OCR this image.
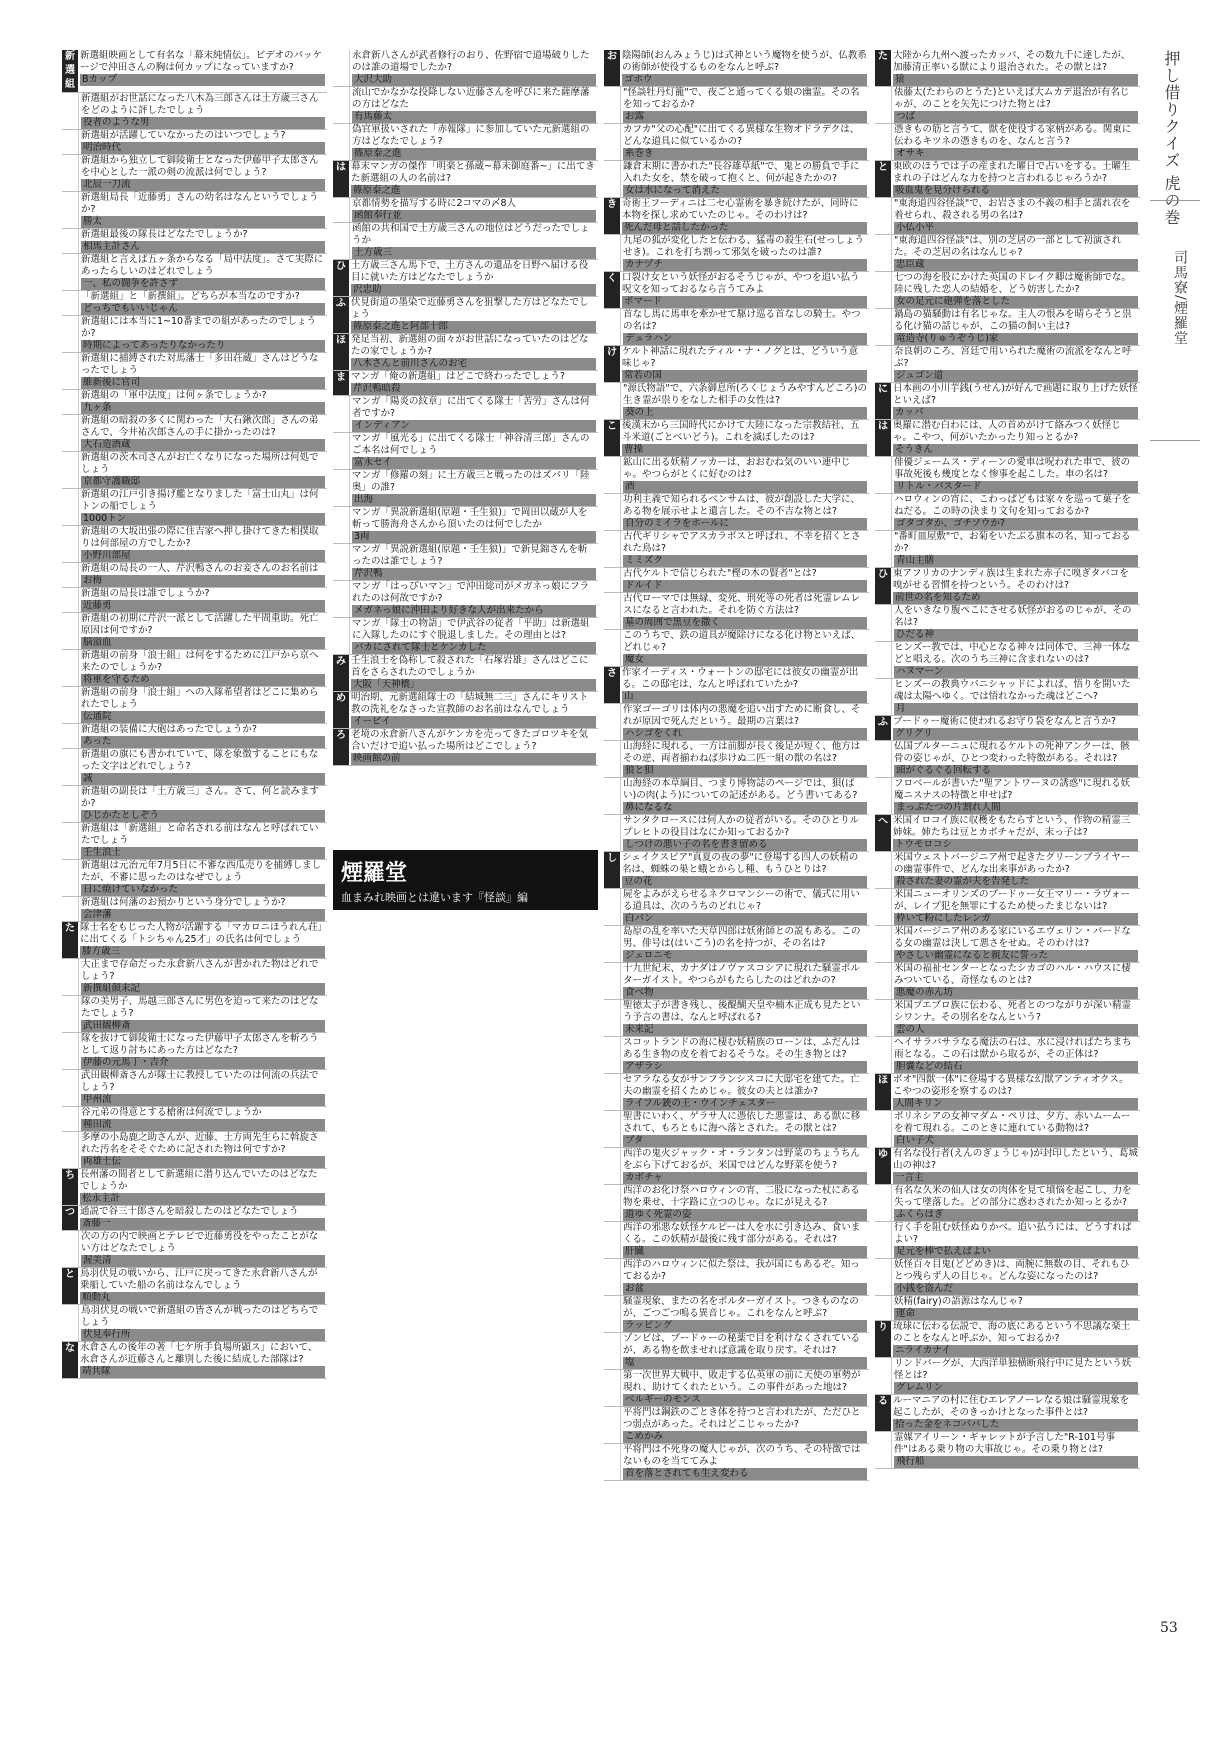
新選組
新選組映画として有名な「幕末純情伝」。ビデオのパッケージで沖田さんの胸は何カップになっていますか?
Bカップ
新選組がお世話になった八木為三郎さんは土方歳三さんをどのように評したでしょう
役者のような男
新選組が活躍していなかったのはいつでしょう?
明治時代
新選組から独立して御陵衛士となった伊藤甲子太郎さんを中心とした一派の剣の流派は何でしょう?
北辰一刀流
新選組局長「近藤勇」さんの幼名はなんというでしょうか?
勝太
新選組最後の隊長はどなたでしょうか?
相馬主計さん
新選組と言えば五ヶ条からなる「局中法度」。さて実際にあったらしいのはどれでしょう
一、私の闘争を許さず
「新選組」と「新撰組」。どちらが本当なのですか?
どっちでもいいじゃん
新選組には本当に1~10番までの組があったのでしょうか?
時期によってあったりなかったり
新選組に捕縛された対馬藩士「多田荘蔵」さんはどうなったでしょう
維新後に官司
新選組の「軍中法度」は何ヶ条でしょうか?
九ヶ条
新選組の暗殺の多くに関わった「大石鍬次郎」さんの弟さんで、今井祐次郎さんの手に掛かったのは?
大石造酒蔵
新選組の茨木司さんがお亡くなりになった場所は何処でしょう
京都守護職邸
新選組の江戸引き揚げ艦となりました「富士山丸」は何トンの船でしょう
1000トン
新選組の大坂出張の際に住吉家へ押し掛けてきた相撲取りは何部屋の方でしたか?
小野川部屋
新選組の局長の一人、芹沢鴨さんのお妾さんのお名前は
お梅
新選組の局長は誰でしょうか?
近藤勇
新選組の初期に芹沢一派として活躍した平間重助。死亡原因は何ですか?
脳溢血
新選組の前身「浪士組」は何をするために江戸から京へ来たのでしょうか?
将軍を守るため
新選組の前身「浪士組」への入隊希望者はどこに集められたでしょう
伝通院
新選組の装備に大砲はあったでしょうか?
あった
新選組の旗にも書かれていて、隊を象徴することにもなった文字はどれでしょう?
誠
新選組の副長は「土方歳三」さん。さて、何と読みますか?
ひじかたとしぞう
新選組は「新選組」と命名される前はなんと呼ばれていたでしょう
壬生浪士
新選組は元治元年7月5日に不審な西瓜売りを捕縛しましたが、不審に思ったのはなぜでしょう
日に焼けていなかった
新選組は何藩のお預かりという身分でしょうか?
会津藩
た 隊士名をもじった人物が活躍する「マカロニほうれん荘」に出てくる「トシちゃん25才」の氏名は何でしょう
膝方歳三
大正まで存命だった永倉新八さんが書かれた物はどれでしょう?
新撰組顛末記
隊の美男子、馬越三郎さんに男色を迫って来たのはどなたでしょう?
武田観柳斎
隊を抜けて御陵衛士になった伊藤甲子太郎さんを斬ろうとして返り討ちにあった方はどなた?
伊藤の元馬丁・吉介
武田観柳斎さんが隊士に教授していたのは何流の兵法でしょう?
甲州流
谷元弟の得意とする槍術は何流でしょうか
種田流
多摩の小島鹿之助さんが、近藤、土方両先生らに斡旋された汚名をそそぐために記された物は何ですか?
両雄士伝
ち 長州藩の間者として新選組に潜り込んでいたのはどなたでしょうか
松永主計
つ 通説で谷三十郎さんを暗殺したのはどなたでしょう
斎藤一
次の方の内で映画とテレビで近藤勇役をやったことがない方はどなたでしょう
渥美清
と 鳥羽伏見の戦いから、江戸に戻ってきた永倉新八さんが乗船していた船の名前はなんでしょう
順動丸
鳥羽伏見の戦いで新選組の皆さんが戦ったのはどちらでしょう
伏見奉行所
な 永倉さんの後年の著「七ケ所手負場所顕ス」において、永倉さんが近藤さんと離別した後に結成した部隊は?
靖共隊
永倉新八さんが武者修行のおり、佐野宿で道場破りしたのは誰の道場でしたか?
大沢大助
流山でかなかな投降しない近藤さんを呼びに来た薩摩藩の方はどなた
有馬藤太
偽官軍扱いされた「赤報隊」に参加していた元新選組の方はどなたでしょう?
篠原泰之進
は 幕末マンガの傑作「明楽と孫蔵~幕末御庭番~」に出てきた新選組の人の名前は?
篠原泰之進
京都情勢を描写する時に2コマの〆8人
函館奉行並
函館の共和国で土方歳三さんの地位はどうだったでしょうか
土方歳三
ひ 土方歳三さん馬下で、土方さんの遺品を日野へ届ける役目に就いた方はどなたでしょうか
沢忠助
ふ 伏見街道の墨染で近藤勇さんを狙撃した方はどなたでしょう
篠原泰之進と阿部十郎
ほ 発足当初、新選組の面々がお世話になっていたのはどなたの家でしょうか?
八木さんと前川さんのお宅
ま マンガ「俺の新選組」はどこで終わったでしょう?
芹沢鴨暗殺
マンガ「陽炎の紋章」に出てくる隊士「苦労」さんは何者ですか?
インディアン
マンガ「風光る」に出てくる隊士「神谷清三郎」さんのご本名は何でしょう
富永セイ
マンガ「修羅の刻」に土方歳三と戦ったのはズバリ「陸奥」の誰?
出海
マンガ「異説新選組(原題・壬生狼)」で岡田以蔵が人を斬って勝海舟さんから頂いたのは何でしたか
3両
マンガ「異説新選組(原題・壬生狼)」で新見錦さんを斬ったのは誰でしょう?
芹沢鴨
マンガ「はっぴいマン」で沖田総司がメガネっ娘にフラれたのは何故ですか?
メガネっ娘に沖田より好きな人が出来たから
マンガ「隊士の物語」で伊武谷の従者「平助」は新選組に入隊したのにすぐ脱退しました。その理由とは?
バカにされて隊士とケンカした
み 壬生浪士を偽称して殺された「石塚岩雄」さんはどこに首をさらされたのでしょうか
大阪「天神橋」
め 明治期、元新選組隊士の「結城無二三」さんにキリスト教の洗礼をなさった宣教師のお名前はなんでしょう
イービイ
ろ 老境の永倉新八さんがケンカを売ってきたゴロツキを気合いだけで追い払った場所はどこでしょう?
映画館の前
お 陰陽師(おんみょうじ)は式神という魔物を使うが、仏教系の術師が使役するものをなんと呼ぶ?
ゴホウ
"怪談牡丹灯籠"で、夜ごと通ってくる娘の幽霊。その名を知っておるか?
お露
カフカ"父の心配"に出てくる異様な生物オドラデクは、どんな道具に似ているかの?
糸巻き
鎌倉末期に書かれた"長谷雄草紙"で、鬼との勝負で手に入れた女を、禁を破って抱くと、何が起きたかの?
女は水になって消えた
き 奇術王フーディニは二セ心霊術を暴き続けたが、同時に本物を探し求めていたのじゃ。そのわけは?
死んだ母と話したかった
九尾の狐が変化したと伝わる、猛毒の殺生石(せっしょうせき)。これを打ち割って邪気を破ったのは誰?
カナヅチ
く 口裂け女という妖怪がおるそうじゃが、やつを追い払う呪文を知っておるなら言うてみよ
ポマード
首なし馬に馬車を牽かせて駆け巡る首なしの騎士。やつの名は?
デュラハン
け ケルト神話に現れたティル・ナ・ノグとは、どういう意味じゃ?
常若の国
"源氏物語"で、六条御息所(ろくじょうみやすんどころ)の生き霊が祟りをなした相手の女性は?
葵の上
こ 後漢末から三国時代にかけて大陸になった宗教結社、五斗米道(ごとべいどう)。これを滅ぼしたのは?
曹操
鉱山に出る妖精ノッカーは、おおむね気のいい連中じゃ。やつらがとくに好むのは?
酒
功利主義で知られるベンサムは、彼が創設した大学に、ある物を展示せよと遺言した。その不吉な物とは?
自分のミイラをホールに
古代ギリシャでアスカラボスと呼ばれ、不幸を招くとされた鳥は?
ミミズク
古代ケルトで信じられた"樫の木の賢者"とは?
ドルイド
古代ローマでは無縁、変死、刑死等の死者は死霊レムレスになると言われた。それを防ぐ方法は?
墓の周囲で黒豆を撒く
このうちで、鉄の道具が魔除けになる化け物といえば、どれじゃ?
魔女
さ 作家イーディス・ウォートンの邸宅には彼女の幽霊が出る。この邸宅は、なんと呼ばれていたか?
山
作家ゴーゴリは体内の悪魔を追い出すために断食し、それが原因で死んだという。最期の言葉は?
ハシゴをくれ
山海経に現れる、一方は前脚が長く後足が短く、他方はその逆、両者揃わねば歩けぬ二匹一組の獣の名は?
狼と狽
山海経の本草綱目、つまり博物誌のページでは、狽(ばい)の肉(よう)についての記述がある。どう書いてある?
鼻になるな
サンタクロースには何人かの従者がいる。そのひとりルプレヒトの役目はなにか知っておるか?
しつけの悪い子の名を書き留める
し シェイクスピア"真夏の夜の夢"に登場する四人の妖精の名は、蜘蛛の巣と蛾とからし種、もうひとりは?
豆の花
屍をよみがえらせるネクロマンシーの術で、儀式に用いる道具は、次のうちのどれじゃ?
白パン
島原の乱を率いた天草四郎は妖術師との説もある。この男、俳号は(はいごう)の名を持つが、その名は?
ジェロニモ
十九世紀末、カナダはノヴァスコシアに現れた騒霊ポルターガイスト。やつらがもたらしたのはどれかの?
食べ物
聖徳太子が書き残し、後醍醐天皇や楠木正成も見たという予言の書は、なんと呼ばれる?
未来記
スコットランドの海に棲む妖精族のローンは、ふだんはある生き物の皮を着ておるそうな。その生き物とは?
アザラシ
セアラなる女がサンフランシスコに大邸宅を建てた。亡夫の幽霊を招くためじゃ。彼女の夫とは誰か?
ライフル銃の王・ウインチェスター
聖書にいわく、ゲラサ人に憑依した悪霊は、ある獣に移されて、もろともに海へ落とされた。その獣とは?
ブタ
西洋の鬼火ジャック・オ・ランタンは野菜のちょうちんをぶら下げておるが、米国ではどんな野菜を使う?
カボチャ
西洋のお化け祭ハロウィンの宵、二股になった杖にある物を乗せ、十字路に立つのじゃ。なにが見える?
道ゆく死霊の姿
西洋の邪悪な妖怪ケルピーは人を水に引き込み、食いまくる。この妖精が最後に残す部分がある。それは?
肝臓
西洋のハロウィンに似た祭は、我が国にもあるぞ。知っておるか?
お盆
騒霊現象、またの名をポルターガイスト。つきものなのが、ごつごつ鳴る異音じゃ。これをなんと呼ぶ?
ラッピング
ゾンビは、ブードゥーの秘薬で目を利けなくされているが、ある物を飲ませれば意識を取り戻す。それは?
塩
第一次世界大戦中、敗走する仏英軍の前に天使の軍勢が現れ、助けてくれたという。この事件があった地は?
ベルギーのモンス
平将門は鋼鉄のごとき体を持つと言われたが、ただひとつ弱点があった。それはどこじゃったか?
こめかみ
平将門は不死身の魔人じゃが、次のうち、その特徴ではないものを当ててみよ
首を落とされても生え変わる
た 大陸から九州へ渡ったカッパ、その数九千に達したが、加藤清正率いる獣により退治された。その獣とは?
猿
俵藤太(たわらのとうた)といえば大ムカデ退治が有名じゃが、のことを矢先につけた物とは?
つば
憑きもの筋と言うて、獣を使役する家柄がある。関東に伝わるキツネの憑きものを、なんと言う?
オサキ
と 東欧のほうでは子の産まれた曜日で占いをする。土曜生まれの子はどんな力を持つと言われるじゃろうか?
吸血鬼を見分けられる
"東海道四谷怪談"で、お岩さまの不義の相手と濡れ衣を着せられ、殺される男の名は?
小仏小平
"東海道四谷怪談"は、別の芝居の一部として初演された。その芝居の名はなんじゃ?
忠臣蔵
七つの海を股にかけた英国のドレイク卿は魔術師でな。陸に残した恋人の結婚を、どう妨害したか?
女の足元に砲弾を落とした
鍋島の猫騒動は有名じゃな。主人の恨みを晴らそうと祟る化け猫の話じゃが、この猫の飼い主は?
竜造寺(りゅうぞうじ)家
奈良朝のころ、宮廷で用いられた魔術の流派をなんと呼ぶ?
ジュゴン道
に 日本画の小川芋銭(うせん)が好んで画題に取り上げた妖怪といえば?
カッパ
は 奥羅に潜む白わには、人の首めがけて絡みつく妖怪じゃ。こやつ、何がいたかったり知っとるか?
そうきん
俳優ジェームス・ディーンの愛車は呪われた車で、彼の事故死後も幾度となく惨事を起こした。車の名は?
リトル・バスタード
ハロウィンの宵に、こわっぱどもは家々を巡って菓子をねだる。この時の決まり文句を知っておるか?
ゴタゴタか、ゴチソウか?
"番町皿屋敷"で、お菊をいたぶる旗本の名、知っておるか?
青山主膳
ひ 東アフリカのナンディ族は生まれた赤子に嗅ぎタバコを嗅がせる習慣を持つという。そのわけは?
前世の名を知るため
人をいきなり腹ぺこにさせる妖怪がおるのじゃが、その名は?
ひだる神
ヒンズー教では、中心となる神々は同体で、三神一体などと唱える。次のうち三神に含まれないのは?
ハヌマーン
ヒンズーの教典ウパニシャッドによれば、悟りを開いた魂は太陽へゆく。では悟れなかった魂はどこへ?
月
ふ ブードゥー魔術に使われるお守り袋をなんと言うか?
グリグリ
仏国ブルターニュに現れるケルトの死神アンクーは、骸骨の姿じゃが、ひとつ変わった特徴がある。それは?
頭がぐるぐる回転する
フロベールが書いた"聖アントワーヌの誘惑"に現れる妖魔ニスナスの特徴と申せば?
まっぷたつの片割れ人間
へ 米国イロコイ族に収穫をもたらすという、作物の精霊三姉妹。姉たちは豆とカボチャだが、末っ子は?
トウモロコシ
米国ウェストバージニア州で起きたグリーンブライヤーの幽霊事件で、どんな出来事があったか?
殺された妻の霊が夫を告発した
米国ニューオリンズのブードゥー女王マリー・ラヴォーが、レイプ犯を無罪にするため使ったまじないは?
枠いて粉にしたレンガ
米国バージニア州のある家にいるエヴェリン・バードなる女の幽霊は決して悪さをせぬ。そのわけは?
やさしい幽霊になると親友に誓った
米国の福祉センターとなったシカゴのハル・ハウスに棲みついている、奇怪なものとは?
悪魔の赤ん坊
米国プエブロ族に伝わる、死者とのつながりが深い精霊シワンナ。その別名をなんという?
雲の人
ヘイサラバサラなる魔法の石は、水に浸ければたちまち雨となる。この石は獣から取るが、その正体は?
胆嚢などの結石
ほ ボオ"四獣一体"に登場する異様な幻獣アンティオクス。こやつの姿形を察するのは?
人間キリン
ボリネシアの女神マダム・ペリは、夕方、赤いムームーを着て現れる。このときに連れている動物は?
白い子犬
ゆ 有名な役行者(えんのぎょうじゃ)が封印したという、葛城山の神は?
一言主
有名な久米の仙人は女の肉体を見て墳悩を起こし、力を失って墜落した。どの部分に惑わされたか知っとるか?
ふくらはぎ
行く手を阻む妖怪ぬりかべ。追い払うには、どうすればよい?
足元を棒で払えばよい
妖怪百々目鬼(どどめき)は、両腕に無数の目、それもひとつ残らず人の目じゃ。どんな姿になったのは?
小銭を盗んだ
妖精(fairy)の語源はなんじゃ?
運命
り 琉球に伝わる伝説で、海の底にあるという不思議な楽土のことをなんと呼ぶか、知っておるか?
ニライカナイ
リンドバーグが、大西洋単独横断飛行中に見たという妖怪とは?
グレムリン
る ルーマニアの村に住むエレアノーレなる娘は騒霊現象を起こしたが、そのきっかけとなった事件とは?
拾った金をネコババした
霊媒アイリーン・ギャレットが予言した"R-101号事件"はある乗り物の大事故じゃ。その乗り物とは?
飛行船
煙羅堂
血まみれ映画とは違います『怪談』編
押し借りクイズ 虎の巻
司馬寮/煙羅堂
53
